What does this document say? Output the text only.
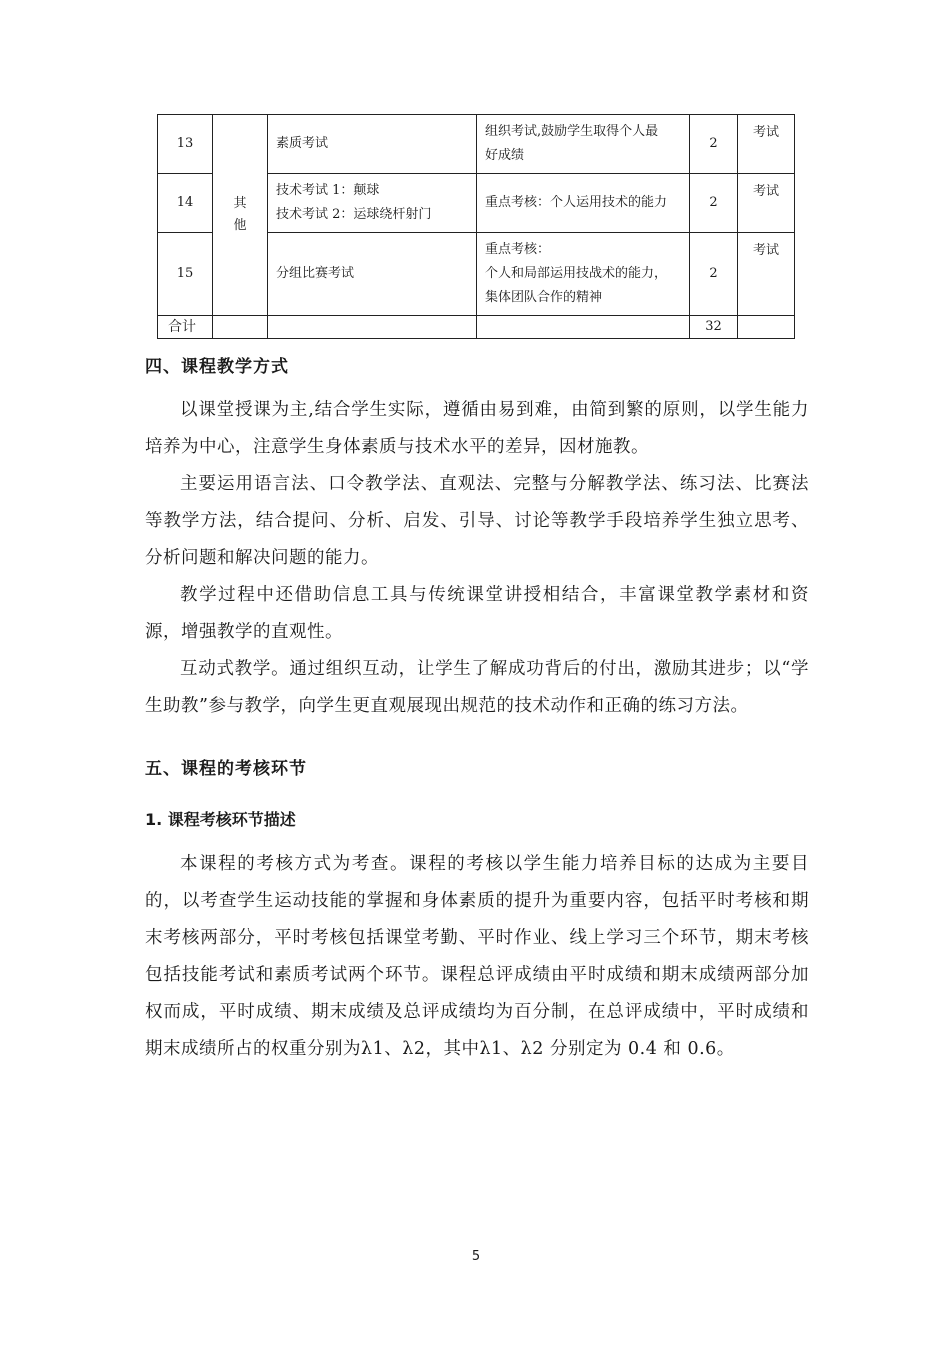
13	其他	素质考试	组织考试,鼓励学生取得个人最
好成绩	2	考试
14		技术考试 1：颠球
技术考试 2：运球绕杆射门	重点考核：个人运用技术的能力	2	考试
15		分组比赛考试	重点考核：
个人和局部运用技战术的能力，
集体团队合作的精神	2	考试
合计				32	
四、课程教学方式
以课堂授课为主,结合学生实际，遵循由易到难，由简到繁的原则，以学生能力培养为中心，注意学生身体素质与技术水平的差异，因材施教。
主要运用语言法、口令教学法、直观法、完整与分解教学法、练习法、比赛法等教学方法，结合提问、分析、启发、引导、讨论等教学手段培养学生独立思考、分析问题和解决问题的能力。
教学过程中还借助信息工具与传统课堂讲授相结合，丰富课堂教学素材和资源，增强教学的直观性。
互动式教学。通过组织互动，让学生了解成功背后的付出，激励其进步；以“学生助教”参与教学，向学生更直观展现出规范的技术动作和正确的练习方法。
五、课程的考核环节
1. 课程考核环节描述
本课程的考核方式为考查。课程的考核以学生能力培养目标的达成为主要目的，以考查学生运动技能的掌握和身体素质的提升为重要内容，包括平时考核和期末考核两部分，平时考核包括课堂考勤、平时作业、线上学习三个环节，期末考核包括技能考试和素质考试两个环节。课程总评成绩由平时成绩和期末成绩两部分加权而成，平时成绩、期末成绩及总评成绩均为百分制，在总评成绩中，平时成绩和期末成绩所占的权重分别为λ1、λ2，其中λ1、λ2 分别定为 0.4 和 0.6。
5
